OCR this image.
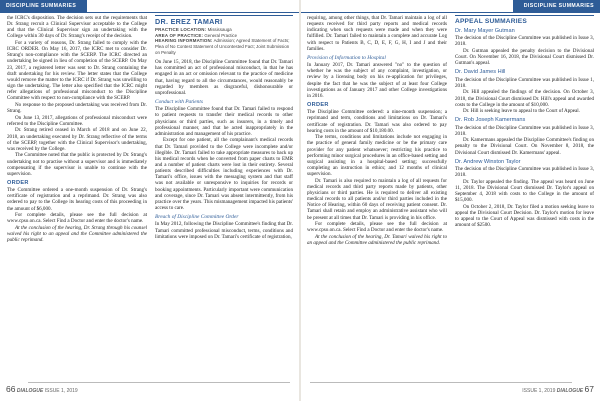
DISCIPLINE SUMMARIES	DISCIPLINE SUMMARIES

the ICRC's disposition. The decision sets out the requirements that Dr. Strang recruit a Clinical Supervisor acceptable to the College and that the Clinical Supervisor sign an undertaking with the College within 30 days of Dr. Strang's receipt of the decision.

For a variety of reasons, Dr. Strang failed to comply with the ICRC ORDER. On May 16, 2017, the ICRC met to consider Dr. Strang's non-compliance with the SCERP. The ICRC directed an undertaking be signed in lieu of completion of the SCERP. On May 23, 2017, a registered letter was sent to Dr. Strang containing the draft undertaking for his review. The letter states that the College would remove the matter to the ICRC if Dr. Strang was unwilling to sign the undertaking. The letter also specified that the ICRC might refer allegations of professional misconduct to the Discipline Committee with respect to non-compliance with the SCERP.

No response to the proposed undertaking was received from Dr. Strang.

On June 13, 2017, allegations of professional misconduct were referred to the Discipline Committee.

Dr. Strang retired ceased in March of 2018 and on June 22, 2018, an undertaking executed by Dr. Strang reflective of the terms of the SCERP, together with the Clinical Supervisor's undertaking, was received by the College.

The Committee noted that the public is protected by Dr. Strang's undertaking not to practise without a supervisor and is immediately compensating if the supervisor is unable to continue with the supervision.

ORDER

The Committee ordered a one-month suspension of Dr. Strang's certificate of registration and a reprimand. Dr. Strang was also ordered to pay to the College its hearing costs of this proceeding in the amount of $6,000.

For complete details, please see the full decision at www.cpso.on.ca. Select Find a Doctor and enter the doctor's name.

At the conclusion of the hearing, Dr. Strang through his counsel waived his right to an appeal and the Committee administered the public reprimand.

DR. EREZ TAMARI
PRACTICE LOCATION: Mississauga
AREA OF PRACTICE: General Practice
HEARING INFORMATION: Admission; Agreed Statement of Facts; Plea of No Contest Statement of Uncontested Fact; Joint Submission on Penalty

On June 15, 2018, the Discipline Committee found that Dr. Tamari has committed an act of professional misconduct, in that he has engaged in an act or omission relevant to the practice of medicine that, having regard to all the circumstances, would reasonably be regarded by members as disgraceful, dishonourable or unprofessional.

Conduct with Patients

The Discipline Committee found that Dr. Tamari failed to respond to patient requests to transfer their medical records to other physicians or third parties, such as insurers, in a timely and professional manner, and that he acted inappropriately in the administration and management of his practice.

Except for one patient, all the complainant's medical records that Dr. Tamari provided to the College were incomplete and/or illegible. Dr. Tamari failed to take appropriate measures to back up his medical records when he converted from paper charts to EMR and a number of patient charts were lost in their entirety. Several patients described difficulties including experiences with Dr. Tamari's office, issues with the messaging system and that staff was not available or unresponsive to inquiries for records or booking appointments. Particularly important were communication and coverage, since Dr. Tamari was absent intermittently, from his practice over the years. This mismanagement impacted his patients' access to care.

Breach of Discipline Committee Order

In May 2012, following the Discipline Committee's finding that Dr. Tamari committed professional misconduct, terms, conditions and limitations were imposed on Dr. Tamari's certificate of registration,

requiring, among other things, that Dr. Tamari maintain a log of all requests received for third party reports and medical records indicating when such requests were made and when they were fulfilled. Dr. Tamari failed to maintain a complete and accurate Log with respect to Patients B, C, D, E, F, G, H, I and J and their families.

Provision of Information to Hospital

In January 2017, Dr. Tamari answered "no" to the question of whether he was the subject of any complaint, investigation, or review by a licensing body on his re-application for privileges, despite the fact that he was the subject of at least four College investigations as of January 2017 and other College investigations in 2016.

ORDER

The Discipline Committee ordered: a nine-month suspension; a reprimand and term, conditions and limitations on Dr. Tamari's certificate of registration. Dr. Tamari was also ordered to pay hearing costs in the amount of $10,180.00.

The terms, conditions and limitations include not engaging in the practice of general family medicine or be the primary care provider for any patient whatsoever; restricting his practice to performing minor surgical procedures in an office-based setting and surgical assisting in a hospital-based setting; successfully completing an instruction in ethics; and 12 months of clinical supervision.

Dr. Tamari is also required to maintain a log of all requests for medical records and third party reports made by patients, other physicians or third parties. He is required to deliver all existing medical records to all patients and/or third parties included in the Notice of Hearing, within 60 days of receiving patient consent. Dr. Tamari shall retain and employ an administrative assistant who will be present at all times that Dr. Tamari is providing in his office.

For complete details, please see the full decision at www.cpso.on.ca. Select Find a Doctor and enter the doctor's name.

At the conclusion of the hearing, Dr. Tamari waived his right to an appeal and the Committee administered the public reprimand.

APPEAL SUMMARIES
Dr. Mary Mayer Gutman

The decision of the Discipline Committee was published in Issue 3, 2018.

Dr. Gutman appealed the penalty decision to the Divisional Court. On November 16, 2018, the Divisional Court dismissed Dr. Gutman's appeal.

Dr. David James Hill

The decision of the Discipline Committee was published in Issue 1, 2018.

Dr. Hill appealed the findings of the decision. On October 3, 2018, the Divisional Court dismissed Dr. Hill's appeal and awarded costs to the College in the amount of $10,000.

Dr. Hill is seeking leave to appeal to the Court of Appeal.

Dr. Rob Joseph Kamermans

The decision of the Discipline Committee was published in Issue 3, 2018.

Dr. Kamermans appealed the Discipline Committee's finding on penalty to the Divisional Court. On November 8, 2018, the Divisional Court dismissed Dr. Kamermans' appeal.

Dr. Andrew Winston Taylor

The decision of the Discipline Committee was published in Issue 3, 2018.

Dr. Taylor appealed the finding. The appeal was heard on June 11, 2018. The Divisional Court dismissed Dr. Taylor's appeal on September 4, 2018 with costs to the College in the amount of $15,000.

On October 2, 2018, Dr. Taylor filed a motion seeking leave to appeal the Divisional Court Decision. Dr. Taylor's motion for leave to appeal to the Court of Appeal was dismissed with costs in the amount of $2500.

66 DIALOGUE ISSUE 1, 2019	ISSUE 1, 2019 DIALOGUE 67
